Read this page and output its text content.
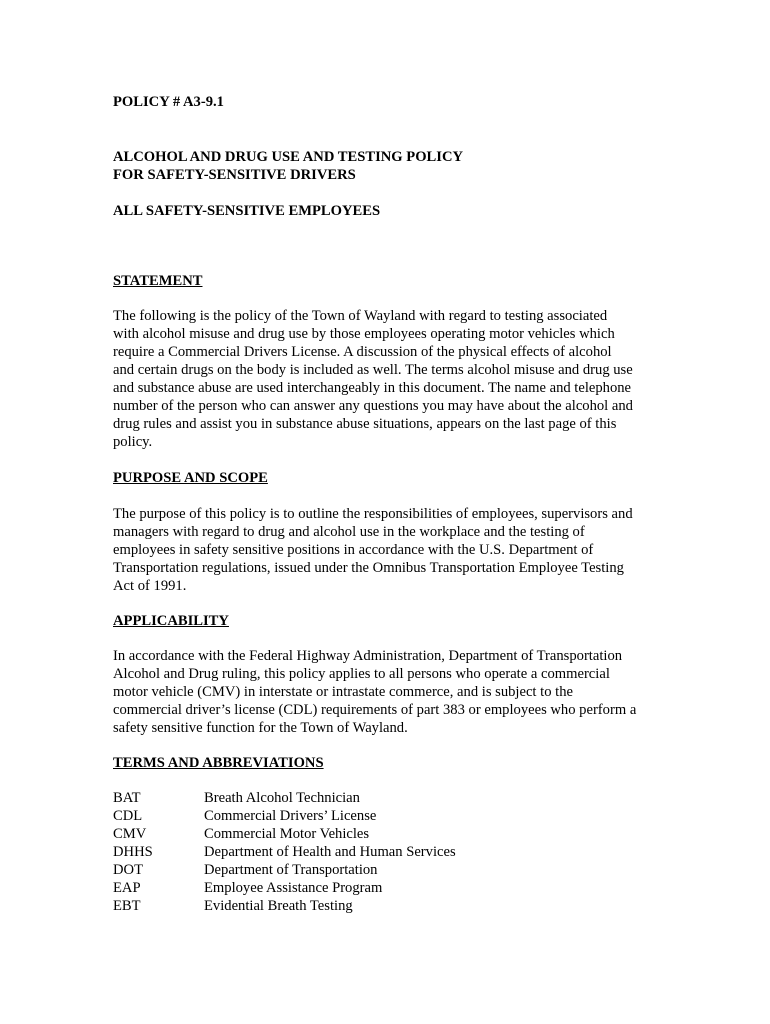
POLICY # A3-9.1
ALCOHOL AND DRUG USE AND TESTING POLICY
FOR SAFETY-SENSITIVE DRIVERS
ALL SAFETY-SENSITIVE EMPLOYEES
STATEMENT
The following is the policy of the Town of Wayland with regard to testing associated
with alcohol misuse and drug use by those employees operating motor vehicles which
require a Commercial Drivers License. A discussion of the physical effects of alcohol
and certain drugs on the body is included as well. The terms alcohol misuse and drug use
and substance abuse are used interchangeably in this document. The name and telephone
number of the person who can answer any questions you may have about the alcohol and
drug rules and assist you in substance abuse situations, appears on the last page of this
policy.
PURPOSE AND SCOPE
The purpose of this policy is to outline the responsibilities of employees, supervisors and
managers with regard to drug and alcohol use in the workplace and the testing of
employees in safety sensitive positions in accordance with the U.S. Department of
Transportation regulations, issued under the Omnibus Transportation Employee Testing
Act of 1991.
APPLICABILITY
In accordance with the Federal Highway Administration, Department of Transportation
Alcohol and Drug ruling, this policy applies to all persons who operate a commercial
motor vehicle (CMV) in interstate or intrastate commerce, and is subject to the
commercial driver’s license (CDL) requirements of part 383 or employees who perform a
safety sensitive function for the Town of Wayland.
TERMS AND ABBREVIATIONS
BAT	Breath Alcohol Technician
CDL	Commercial Drivers’ License
CMV	Commercial Motor Vehicles
DHHS	Department of Health and Human Services
DOT	Department of Transportation
EAP	Employee Assistance Program
EBT	Evidential Breath Testing
